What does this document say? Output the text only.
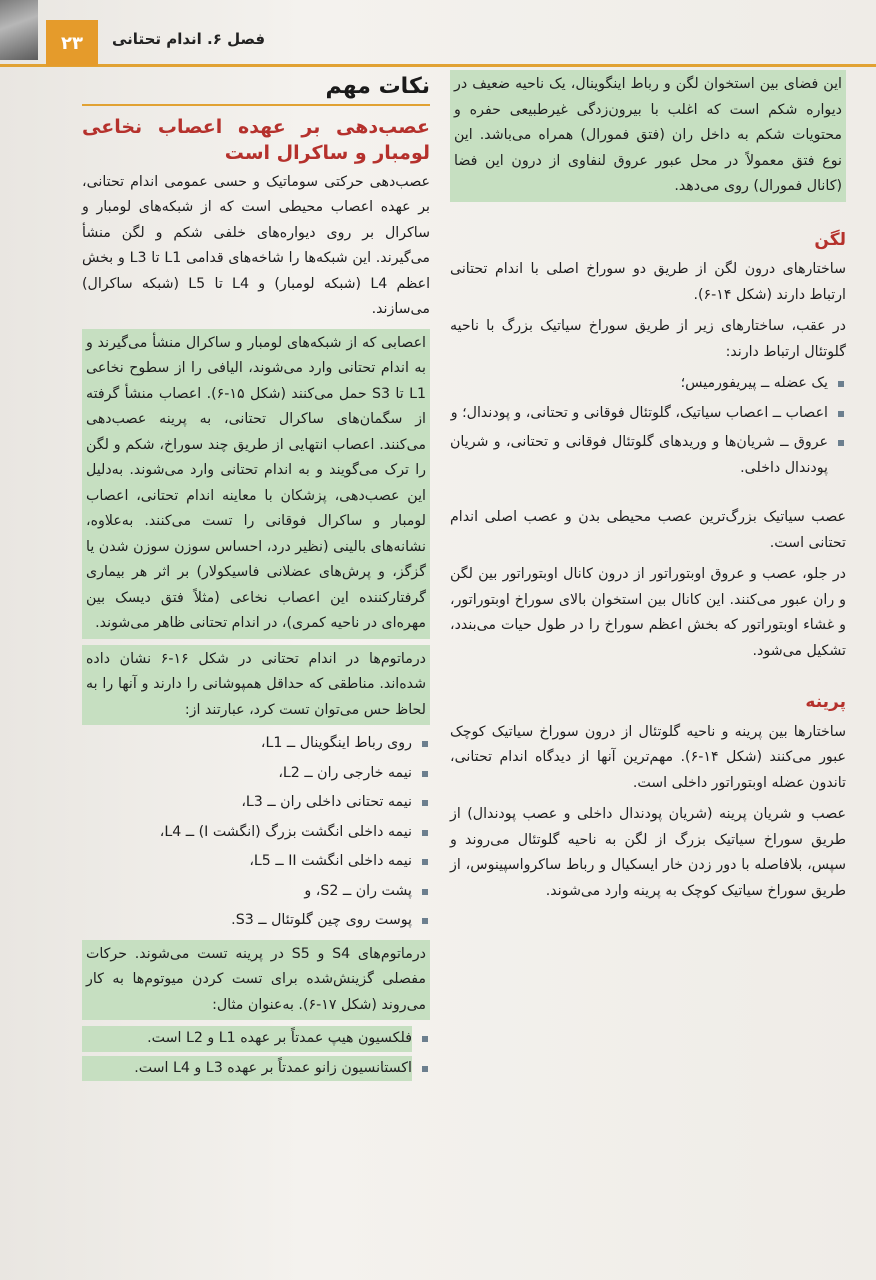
۲۳	فصل ۶. اندام تحتانی

این فضای بین استخوان لگن و رباط اینگوینال، یک ناحیه ضعیف در دیواره شکم است که اغلب با بیرون‌زدگی غیرطبیعی حفره و محتویات شکم به داخل ران (فتق فمورال) همراه می‌باشد. این نوع فتق معمولاً در محل عبور عروق لنفاوی از درون این فضا (کانال فمورال) روی می‌دهد.

لگن

ساختارهای درون لگن از طریق دو سوراخ اصلی با اندام تحتانی ارتباط دارند (شکل ۱۴-۶).

در عقب، ساختارهای زیر از طریق سوراخ سیاتیک بزرگ با ناحیه گلوتئال ارتباط دارند:

یک عضله ــ پیریفورمیس؛
اعصاب ــ اعصاب سیاتیک، گلوتئال فوقانی و تحتانی، و پودندال؛ و
عروق ــ شریان‌ها و وریدهای گلوتئال فوقانی و تحتانی، و شریان پودندال داخلی.

عصب سیاتیک بزرگ‌ترین عصب محیطی بدن و عصب اصلی اندام تحتانی است.

در جلو، عصب و عروق اوبتوراتور از درون کانال اوبتوراتور بین لگن و ران عبور می‌کنند. این کانال بین استخوان بالای سوراخ اوبتوراتور، و غشاء اوبتوراتور که بخش اعظم سوراخ را در طول حیات می‌بندد، تشکیل می‌شود.

پرینه

ساختارها بین پرینه و ناحیه گلوتئال از درون سوراخ سیاتیک کوچک عبور می‌کنند (شکل ۱۴-۶). مهم‌ترین آنها از دیدگاه اندام تحتانی، تاندون عضله اوبتوراتور داخلی است.

عصب و شریان پرینه (شریان پودندال داخلی و عصب پودندال) از طریق سوراخ سیاتیک بزرگ از لگن به ناحیه گلوتئال می‌روند و سپس، بلافاصله با دور زدن خار ایسکیال و رباط ساکرواسپینوس، از طریق سوراخ سیاتیک کوچک به پرینه وارد می‌شوند.

نکات مهم
عصب‌دهی بر عهده اعصاب نخاعی لومبار و ساکرال است

عصب‌دهی حرکتی سوماتیک و حسی عمومی اندام تحتانی، بر عهده اعصاب محیطی است که از شبکه‌های لومبار و ساکرال بر روی دیواره‌های خلفی شکم و لگن منشأ می‌گیرند. این شبکه‌ها را شاخه‌های قدامی L1 تا L3 و بخش اعظم L4 (شبکه لومبار) و L4 تا L5 (شبکه ساکرال) می‌سازند.

اعصابی که از شبکه‌های لومبار و ساکرال منشأ می‌گیرند و به اندام تحتانی وارد می‌شوند، الیافی را از سطوح نخاعی L1 تا S3 حمل می‌کنند (شکل ۱۵-۶). اعصاب منشأ گرفته از سگمان‌های ساکرال تحتانی، به پرینه عصب‌دهی می‌کنند. اعصاب انتهایی از طریق چند سوراخ، شکم و لگن را ترک می‌گویند و به اندام تحتانی وارد می‌شوند. به‌دلیل این عصب‌دهی، پزشکان با معاینه اندام تحتانی، اعصاب لومبار و ساکرال فوقانی را تست می‌کنند. به‌علاوه، نشانه‌های بالینی (نظیر درد، احساس سوزن سوزن شدن یا گزگز، و پرش‌های عضلانی فاسیکولار) بر اثر هر بیماری گرفتارکننده این اعصاب نخاعی (مثلاً فتق دیسک بین مهره‌ای در ناحیه کمری)، در اندام تحتانی ظاهر می‌شوند.

درماتوم‌ها در اندام تحتانی در شکل ۱۶-۶ نشان داده شده‌اند. مناطقی که حداقل همپوشانی را دارند و آنها را به لحاظ حس می‌توان تست کرد، عبارتند از:

روی رباط اینگوینال ــ L1،
نیمه خارجی ران ــ L2،
نیمه تحتانی داخلی ران ــ L3،
نیمه داخلی انگشت بزرگ (انگشت I) ــ L4،
نیمه داخلی انگشت II ــ L5،
پشت ران ــ S2، و
پوست روی چین گلوتئال ــ S3.

درماتوم‌های S4 و S5 در پرینه تست می‌شوند. حرکات مفصلی گزینش‌شده برای تست کردن میوتوم‌ها به کار می‌روند (شکل ۱۷-۶). به‌عنوان مثال:

فلکسیون هیپ عمدتاً بر عهده L1 و L2 است.
اکستانسیون زانو عمدتاً بر عهده L3 و L4 است.
